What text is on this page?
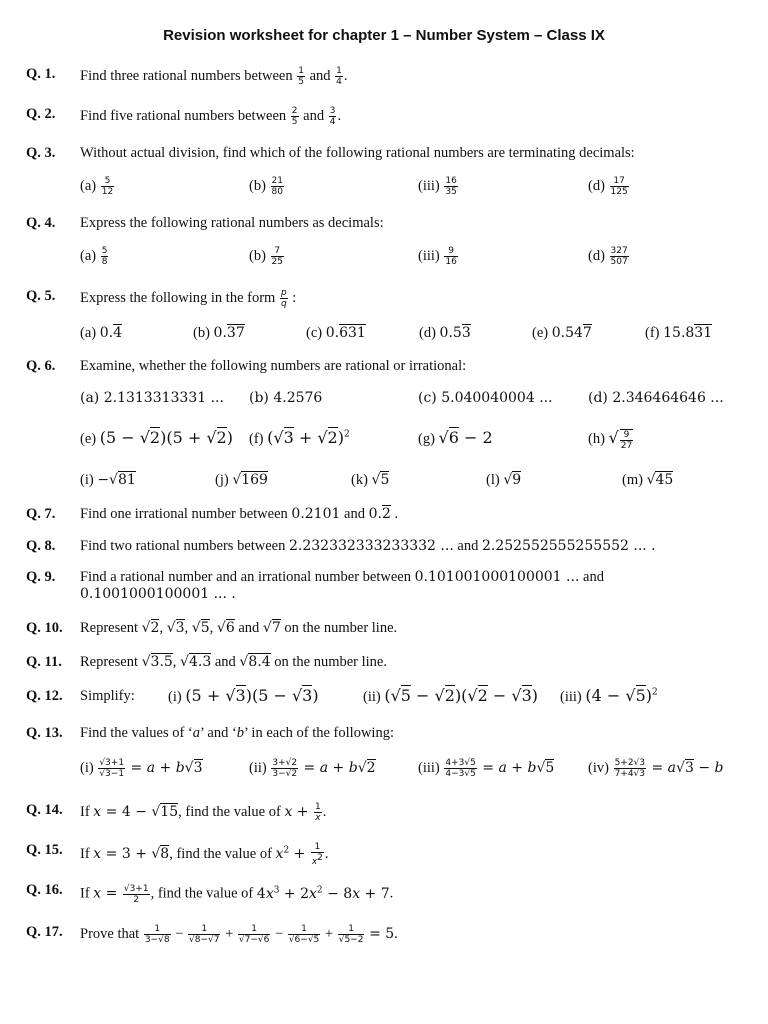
Revision worksheet for chapter 1 – Number System – Class IX
Q. 1. Find three rational numbers between $\frac{1}{5}$ and $\frac{1}{4}$ .
Q. 2. Find five rational numbers between $\frac{2}{5}$ and $\frac{3}{4}$ .
Q. 3. Without actual division, find which of the following rational numbers are terminating decimals:
$(a) \frac{5}{12}$	$(b) \frac{21}{80}$	$(iii) \frac{16}{35}$	$(d) \frac{17}{125}$
Q. 4. Express the following rational numbers as decimals:
$(a) \frac{5}{8}$	$(b) \frac{7}{25}$	$(iii) \frac{9}{16}$	$(d) \frac{327}{507}$
Q. 5. Express the following in the form $\frac{p}{q}$ :
(a) 0.4	(b) 0.37	(c) 0.631	(d) 0.53	(e) 0.547	(f) 15.831
Q. 6. Examine, whether the following numbers are rational or irrational:
(a) 2.1313313331 ... (b) 4.2576	(c) 5.040040004 ...	(d) 2.346464646 ...
(e) (5 − √2)(5 + √2) (f) $(√3 + √2)^2$	(g) √6 − 2	(h) √ $\frac{9}{27}$
(i) −√81	(j) √169	(k) √5	(l) √9	(m) √45
Q. 7. Find one irrational number between 0.2101 and 0.2 .
Q. 8. Find two rational numbers between 2.232332333233332 ... and 2.252552555255552 ... .
Q. 9. Find a rational number and an irrational number between 0.101001000100001 ... and
0.1001000100001 ... .
Q. 10. Represent √2, √3, √5, √6 and √7 on the number line.
Q. 11. Represent √3.5, √4.3 and √8.4 on the number line.
Q. 12. Simplify:	(i) (5 + √3)(5 − √3)	(ii) (√5 − √2)(√2 − √3) (iii) $(4 - √5)^2$
Q. 13. Find the values of ‘a’ and ‘b’ in each of the following:
$(i) \frac{√3+1}{√3-1} = a + b√3$	$(ii) \frac{3+√2}{3-√2} = a + b√2$	$(iii) \frac{4+3√5}{4-3√5} = a + b√5$ $(iv) \frac{5+2√3}{7+4√3} = a√3 - b$
Q. 14. If x = 4 − √15, find the value of $x + \frac{1}{x}$ .
Q. 15. If x = 3 + √8, find the value of $x^2 + \frac{1}{x^2}$ .
Q. 16. If $x = \frac{√3+1}{2}$ , find the value of $4x^3 + 2x^2 - 8x + 7$.
Q. 17. Prove that $\frac{1}{3-√8} - \frac{1}{√8-√7} + \frac{1}{√7-√6} - \frac{1}{√6-√5} + \frac{1}{√5-2} = 5$.
